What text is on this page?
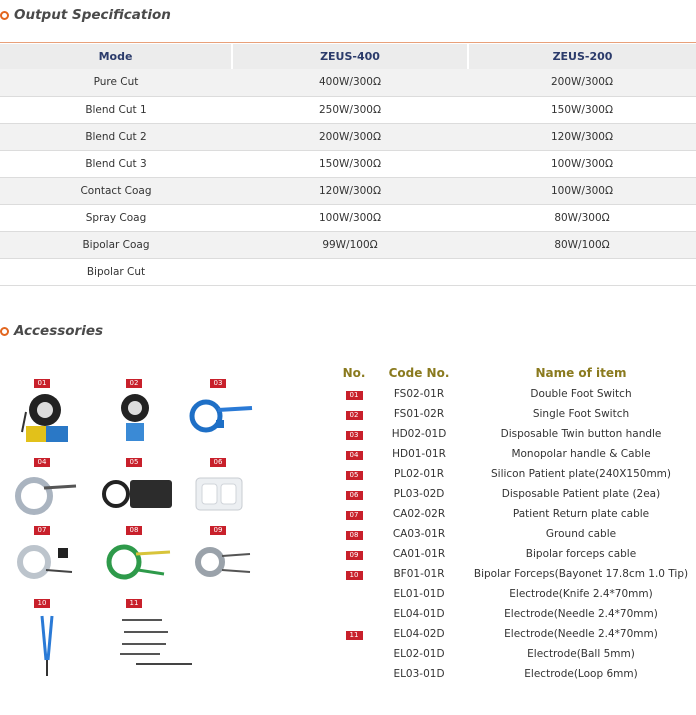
Output Specification
Mode	ZEUS-400	ZEUS-200
Pure Cut	400W/300Ω	200W/300Ω
Blend Cut 1	250W/300Ω	150W/300Ω
Blend Cut 2	200W/300Ω	120W/300Ω
Blend Cut 3	150W/300Ω	100W/300Ω
Contact Coag	120W/300Ω	100W/300Ω
Spray Coag	100W/300Ω	80W/300Ω
Bipolar Coag	99W/100Ω	80W/100Ω
Bipolar Cut		
Accessories
01	02	03
04	05	06
07	08	09
10	11
No.	Code No.	Name of item
01	FS02-01R	Double Foot Switch
02	FS01-02R	Single Foot Switch
03	HD02-01D	Disposable Twin button handle
04	HD01-01R	Monopolar handle & Cable
05	PL02-01R	Silicon Patient plate(240X150mm)
06	PL03-02D	Disposable Patient plate (2ea)
07	CA02-02R	Patient Return plate cable
08	CA03-01R	Ground cable
09	CA01-01R	Bipolar forceps cable
10	BF01-01R	Bipolar Forceps(Bayonet 17.8cm 1.0 Tip)
	EL01-01D	Electrode(Knife 2.4*70mm)
	EL04-01D	Electrode(Needle 2.4*70mm)
11	EL04-02D	Electrode(Needle 2.4*70mm)
	EL02-01D	Electrode(Ball 5mm)
	EL03-01D	Electrode(Loop 6mm)
